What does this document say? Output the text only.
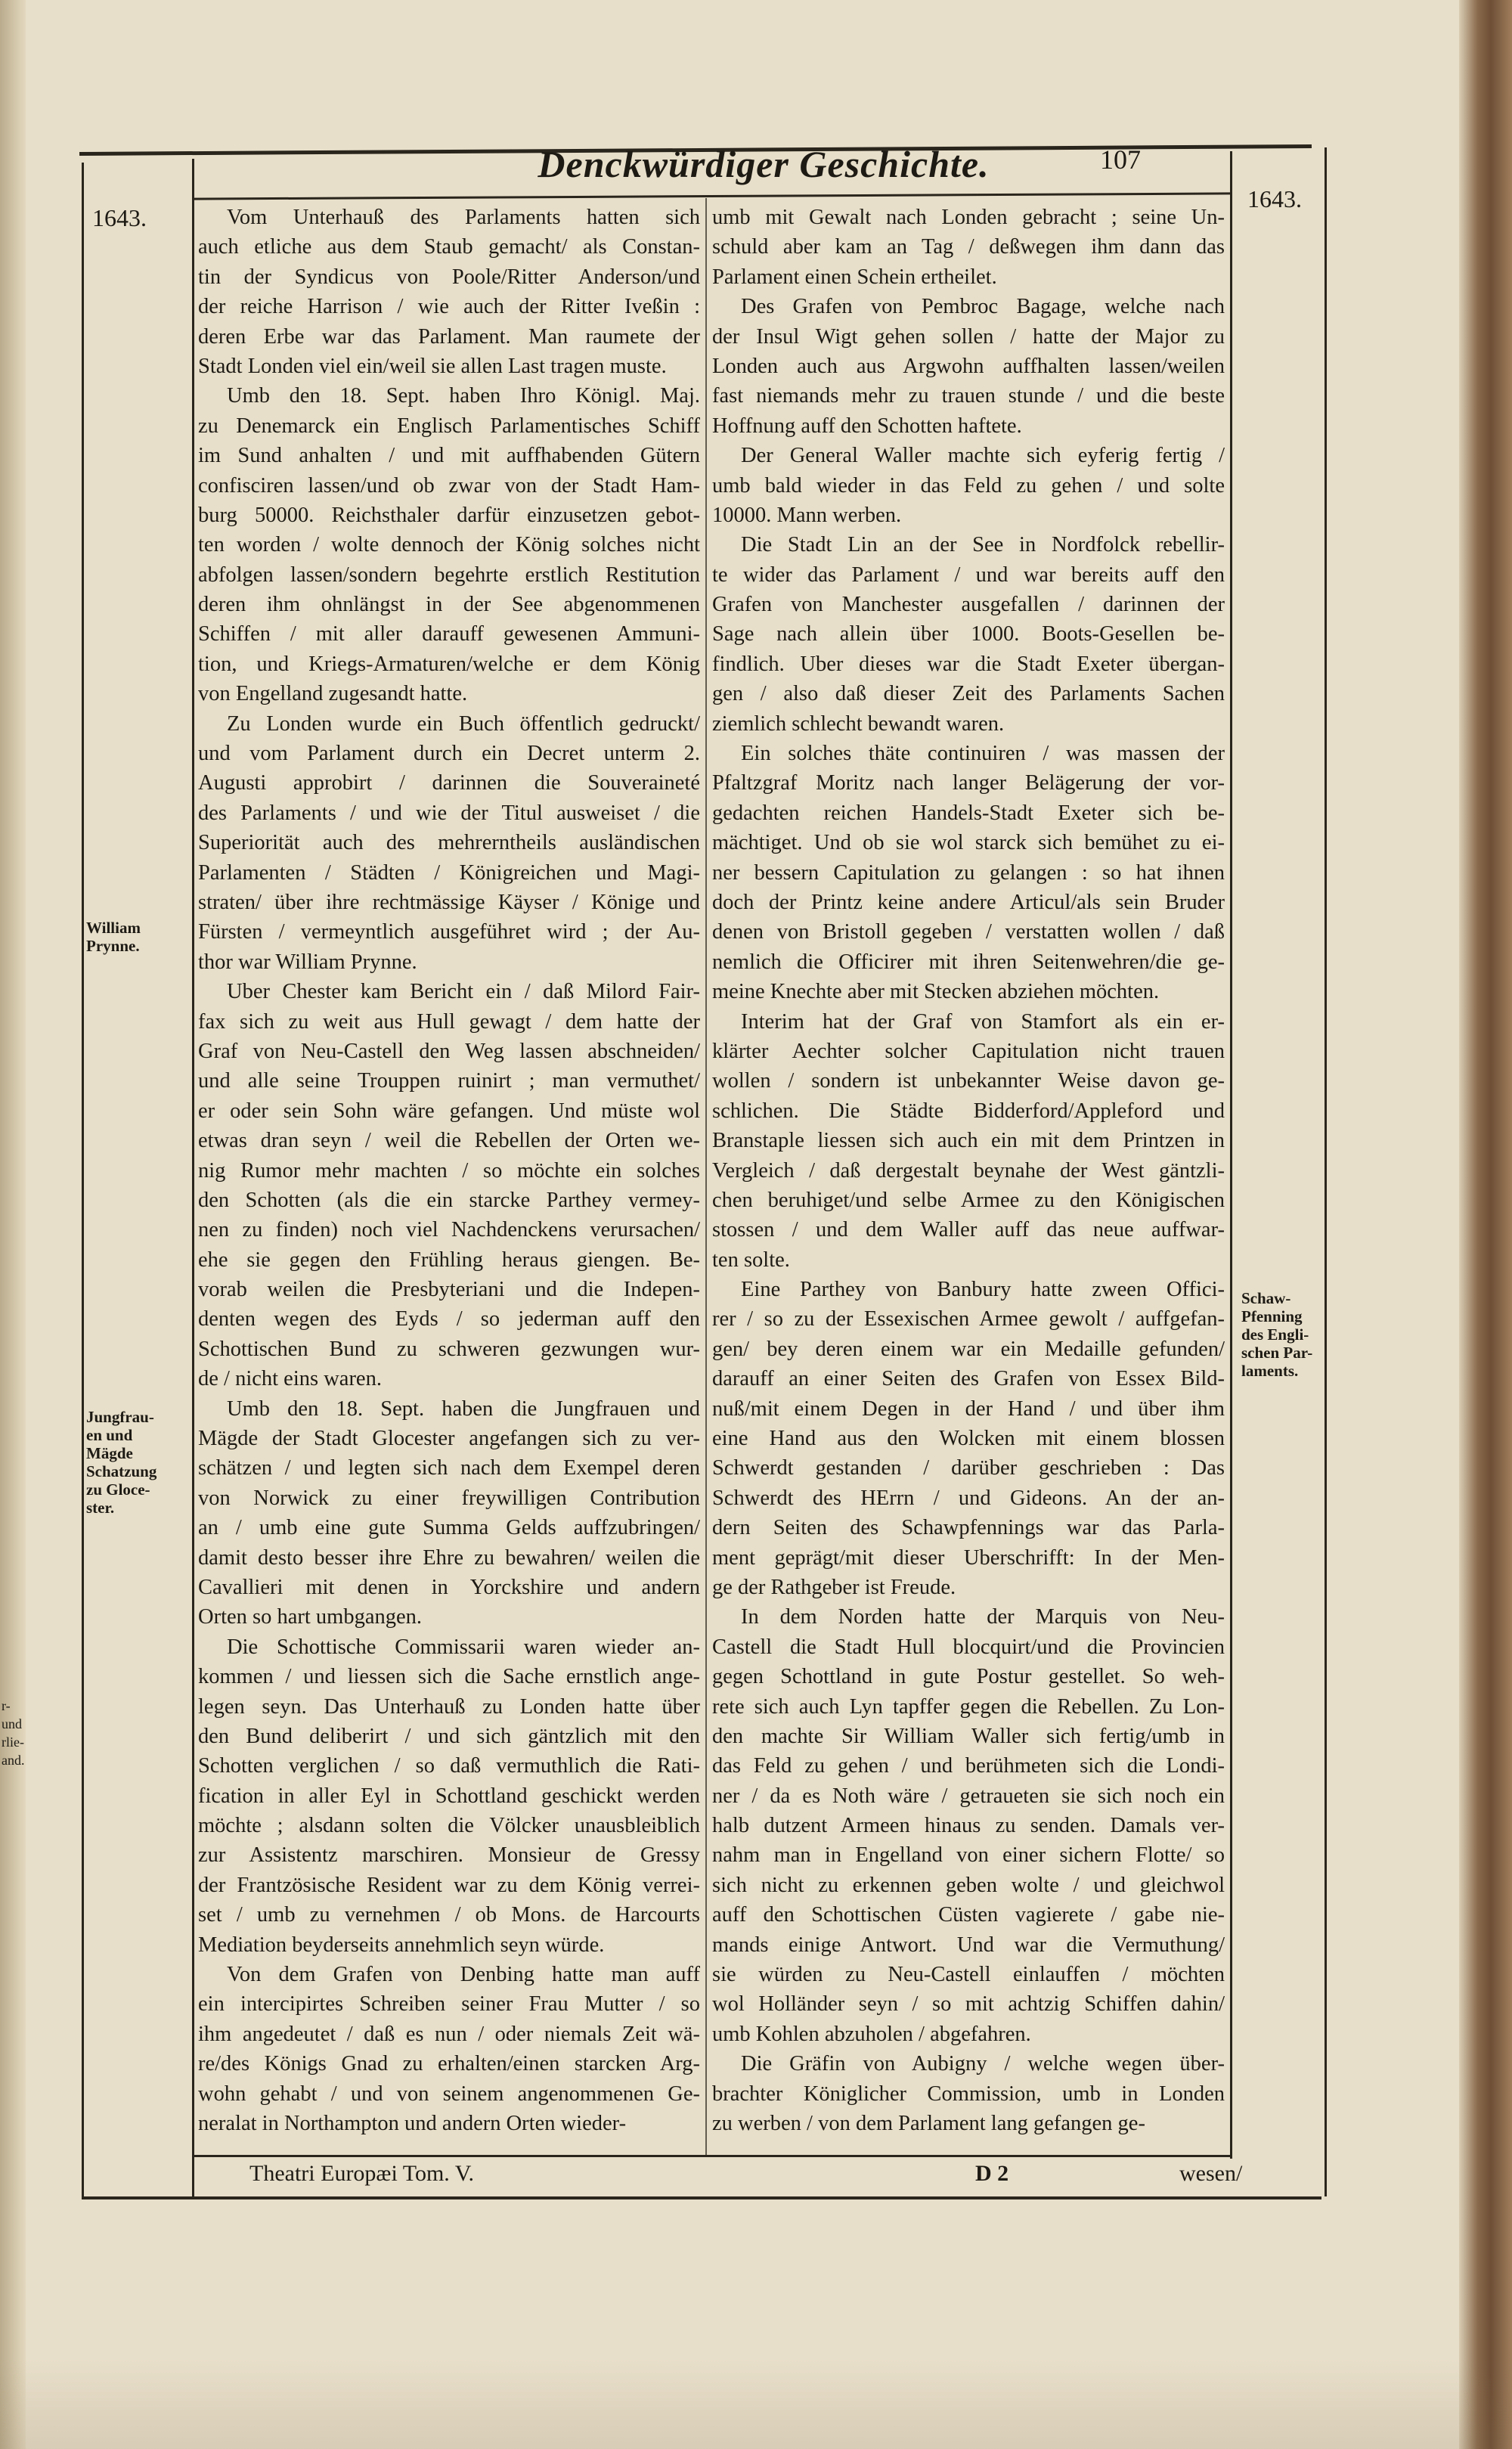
r-
und
rlie-
and.
Denckwürdiger Geschichte.	107
1643.
1643.
William
Prynne.
Jungfrau-
en und
Mägde
Schatzung
zu Gloce-
ster.
Schaw-
Pfenning
des Engli-
schen Par-
laments.
Vom Unterhauß des Parlaments hatten sich
auch etliche aus dem Staub gemacht/ als Constan-
tin der Syndicus von Poole/Ritter Anderson/und
der reiche Harrison / wie auch der Ritter Iveßin :
deren Erbe war das Parlament. Man raumete der
Stadt Londen viel ein/weil sie allen Last tragen muste.
Umb den 18. Sept. haben Ihro Königl. Maj.
zu Denemarck ein Englisch Parlamentisches Schiff
im Sund anhalten / und mit auffhabenden Gütern
confisciren lassen/und ob zwar von der Stadt Ham-
burg 50000. Reichsthaler darfür einzusetzen gebot-
ten worden / wolte dennoch der König solches nicht
abfolgen lassen/sondern begehrte erstlich Restitution
deren ihm ohnlängst in der See abgenommenen
Schiffen / mit aller darauff gewesenen Ammuni-
tion, und Kriegs-Armaturen/welche er dem König
von Engelland zugesandt hatte.
Zu Londen wurde ein Buch öffentlich gedruckt/
und vom Parlament durch ein Decret unterm 2.
Augusti approbirt / darinnen die Souveraineté
des Parlaments / und wie der Titul ausweiset / die
Superiorität auch des mehrerntheils ausländischen
Parlamenten / Städten / Königreichen und Magi-
straten/ über ihre rechtmässige Käyser / Könige und
Fürsten / vermeyntlich ausgeführet wird ; der Au-
thor war William Prynne.
Uber Chester kam Bericht ein / daß Milord Fair-
fax sich zu weit aus Hull gewagt / dem hatte der
Graf von Neu-Castell den Weg lassen abschneiden/
und alle seine Trouppen ruinirt ; man vermuthet/
er oder sein Sohn wäre gefangen. Und müste wol
etwas dran seyn / weil die Rebellen der Orten we-
nig Rumor mehr machten / so möchte ein solches
den Schotten (als die ein starcke Parthey vermey-
nen zu finden) noch viel Nachdenckens verursachen/
ehe sie gegen den Frühling heraus giengen. Be-
vorab weilen die Presbyteriani und die Indepen-
denten wegen des Eyds / so jederman auff den
Schottischen Bund zu schweren gezwungen wur-
de / nicht eins waren.
Umb den 18. Sept. haben die Jungfrauen und
Mägde der Stadt Glocester angefangen sich zu ver-
schätzen / und legten sich nach dem Exempel deren
von Norwick zu einer freywilligen Contribution
an / umb eine gute Summa Gelds auffzubringen/
damit desto besser ihre Ehre zu bewahren/ weilen die
Cavallieri mit denen in Yorckshire und andern
Orten so hart umbgangen.
Die Schottische Commissarii waren wieder an-
kommen / und liessen sich die Sache ernstlich ange-
legen seyn. Das Unterhauß zu Londen hatte über
den Bund deliberirt / und sich gäntzlich mit den
Schotten verglichen / so daß vermuthlich die Rati-
fication in aller Eyl in Schottland geschickt werden
möchte ; alsdann solten die Völcker unausbleiblich
zur Assistentz marschiren. Monsieur de Gressy
der Frantzösische Resident war zu dem König verrei-
set / umb zu vernehmen / ob Mons. de Harcourts
Mediation beyderseits annehmlich seyn würde.
Von dem Grafen von Denbing hatte man auff
ein intercipirtes Schreiben seiner Frau Mutter / so
ihm angedeutet / daß es nun / oder niemals Zeit wä-
re/des Königs Gnad zu erhalten/einen starcken Arg-
wohn gehabt / und von seinem angenommenen Ge-
neralat in Northampton und andern Orten wieder-
umb mit Gewalt nach Londen gebracht ; seine Un-
schuld aber kam an Tag / deßwegen ihm dann das
Parlament einen Schein ertheilet.
Des Grafen von Pembroc Bagage, welche nach
der Insul Wigt gehen sollen / hatte der Major zu
Londen auch aus Argwohn auffhalten lassen/weilen
fast niemands mehr zu trauen stunde / und die beste
Hoffnung auff den Schotten haftete.
Der General Waller machte sich eyferig fertig /
umb bald wieder in das Feld zu gehen / und solte
10000. Mann werben.
Die Stadt Lin an der See in Nordfolck rebellir-
te wider das Parlament / und war bereits auff den
Grafen von Manchester ausgefallen / darinnen der
Sage nach allein über 1000. Boots-Gesellen be-
findlich. Uber dieses war die Stadt Exeter übergan-
gen / also daß dieser Zeit des Parlaments Sachen
ziemlich schlecht bewandt waren.
Ein solches thäte continuiren / was massen der
Pfaltzgraf Moritz nach langer Belägerung der vor-
gedachten reichen Handels-Stadt Exeter sich be-
mächtiget. Und ob sie wol starck sich bemühet zu ei-
ner bessern Capitulation zu gelangen : so hat ihnen
doch der Printz keine andere Articul/als sein Bruder
denen von Bristoll gegeben / verstatten wollen / daß
nemlich die Officirer mit ihren Seitenwehren/die ge-
meine Knechte aber mit Stecken abziehen möchten.
Interim hat der Graf von Stamfort als ein er-
klärter Aechter solcher Capitulation nicht trauen
wollen / sondern ist unbekannter Weise davon ge-
schlichen. Die Städte Bidderford/Appleford und
Branstaple liessen sich auch ein mit dem Printzen in
Vergleich / daß dergestalt beynahe der West gäntzli-
chen beruhiget/und selbe Armee zu den Königischen
stossen / und dem Waller auff das neue auffwar-
ten solte.
Eine Parthey von Banbury hatte zween Offici-
rer / so zu der Essexischen Armee gewolt / auffgefan-
gen/ bey deren einem war ein Medaille gefunden/
darauff an einer Seiten des Grafen von Essex Bild-
nuß/mit einem Degen in der Hand / und über ihm
eine Hand aus den Wolcken mit einem blossen
Schwerdt gestanden / darüber geschrieben : Das
Schwerdt des HErrn / und Gideons. An der an-
dern Seiten des Schawpfennings war das Parla-
ment geprägt/mit dieser Uberschrifft: In der Men-
ge der Rathgeber ist Freude.
In dem Norden hatte der Marquis von Neu-
Castell die Stadt Hull blocquirt/und die Provincien
gegen Schottland in gute Postur gestellet. So weh-
rete sich auch Lyn tapffer gegen die Rebellen. Zu Lon-
den machte Sir William Waller sich fertig/umb in
das Feld zu gehen / und berühmeten sich die Londi-
ner / da es Noth wäre / getraueten sie sich noch ein
halb dutzent Armeen hinaus zu senden. Damals ver-
nahm man in Engelland von einer sichern Flotte/ so
sich nicht zu erkennen geben wolte / und gleichwol
auff den Schottischen Cüsten vagierete / gabe nie-
mands einige Antwort. Und war die Vermuthung/
sie würden zu Neu-Castell einlauffen / möchten
wol Holländer seyn / so mit achtzig Schiffen dahin/
umb Kohlen abzuholen / abgefahren.
Die Gräfin von Aubigny / welche wegen über-
brachter Königlicher Commission, umb in Londen
zu werben / von dem Parlament lang gefangen ge-
Theatri Europæi Tom. V.	D 2	wesen/
